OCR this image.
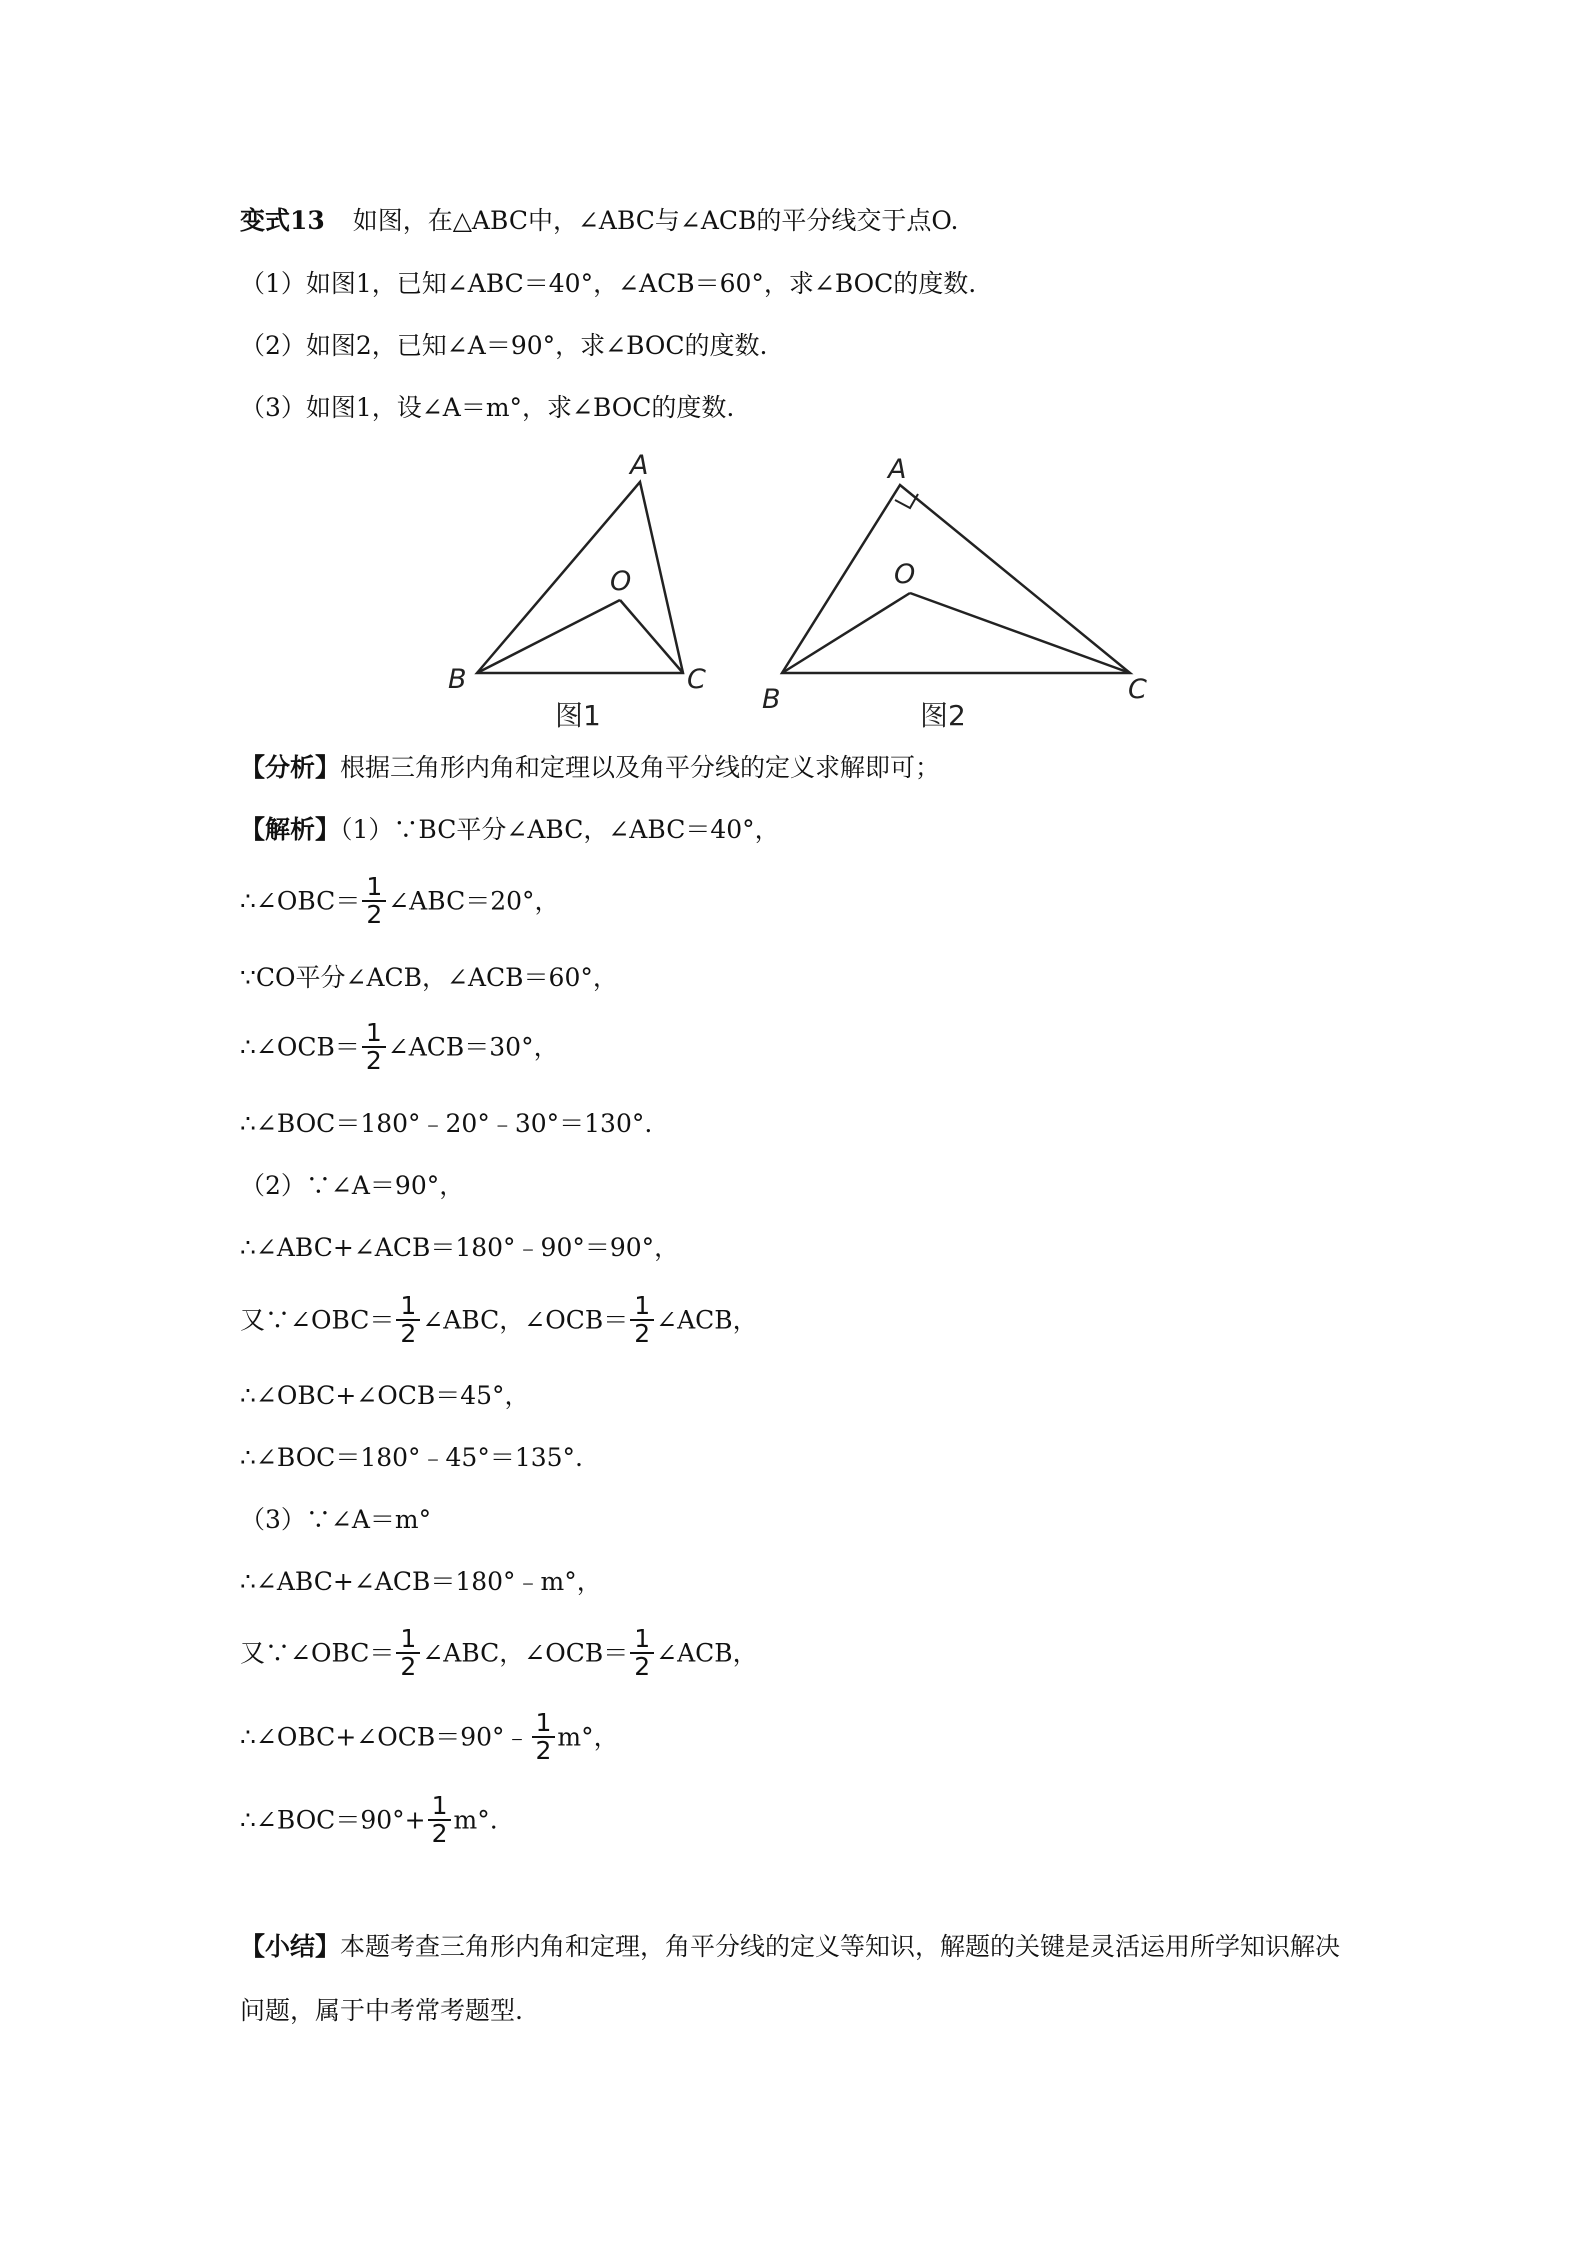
变式13 如图，在△ABC中，∠ABC与∠ACB的平分线交于点O.
（1）如图1，已知∠ABC＝40°，∠ACB＝60°，求∠BOC的度数.
（2）如图2，已知∠A＝90°，求∠BOC的度数.
（3）如图1，设∠A＝m°，求∠BOC的度数.
A
B	C
O
图1
A
B	C
O
图2
【分析】根据三角形内角和定理以及角平分线的定义求解即可；
【解析】（1）∵BC平分∠ABC，∠ABC＝40°，
∴∠OBC＝ $\frac{1}{2}$ ∠ABC＝20°，
∵CO平分∠ACB，∠ACB＝60°，
∴∠OCB＝ $\frac{1}{2}$ ∠ACB＝30°，
∴∠BOC＝180°﹣20°﹣30°＝130°.
（2）∵∠A＝90°，
∴∠ABC+∠ACB＝180°﹣90°＝90°，
又∵∠OBC＝ $\frac{1}{2}$ ∠ABC，∠OCB＝ $\frac{1}{2}$ ∠ACB，
∴∠OBC+∠OCB＝45°，
∴∠BOC＝180°﹣45°＝135°.
（3）∵∠A＝m°
∴∠ABC+∠ACB＝180°﹣m°，
又∵∠OBC＝ $\frac{1}{2}$ ∠ABC，∠OCB＝ $\frac{1}{2}$ ∠ACB，
∴∠OBC+∠OCB＝90°﹣ $\frac{1}{2} m^\circ$，
∴∠BOC＝90°+ $\frac{1}{2} m^\circ$.
【小结】本题考查三角形内角和定理，角平分线的定义等知识，解题的关键是灵活运用所学知识解决问题，属于中考常考题型.
